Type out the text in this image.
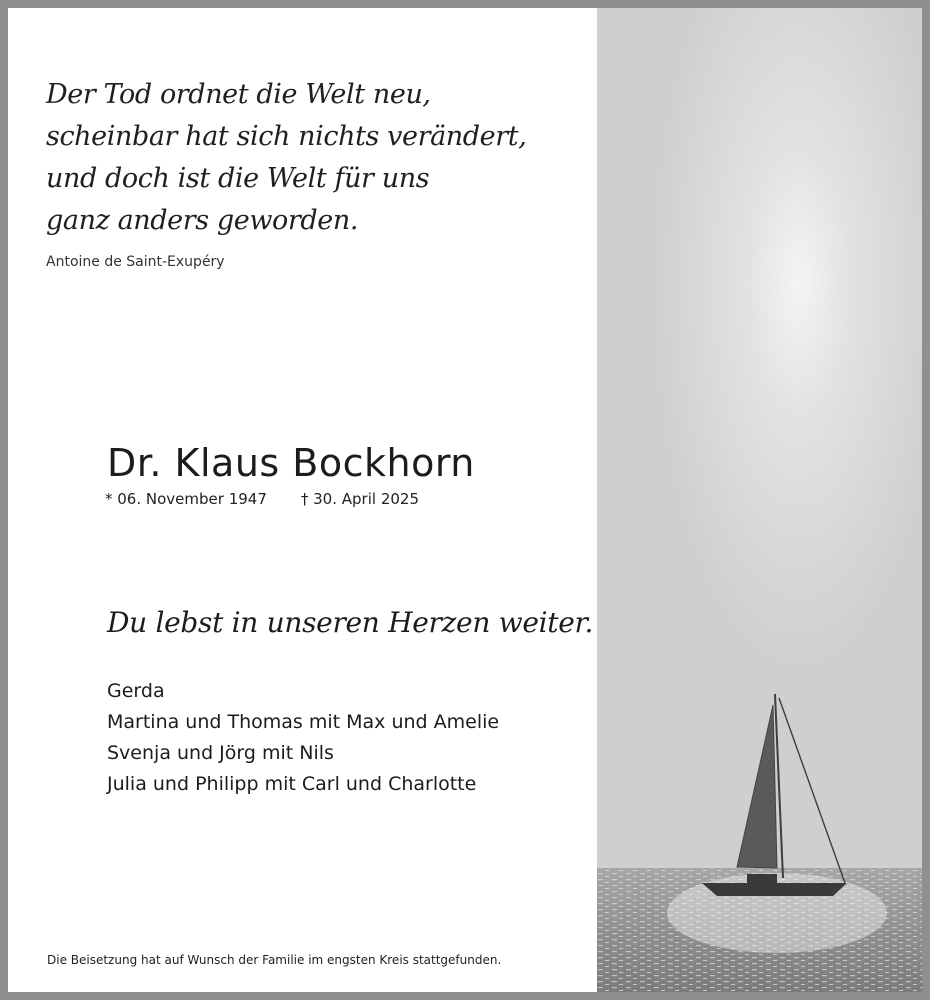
Der Tod ordnet die Welt neu,
scheinbar hat sich nichts verändert,
und doch ist die Welt für uns
ganz anders geworden.

Antoine de Saint-Exupéry
Dr. Klaus Bockhorn
* 06. November 1947 † 30. April 2025
Du lebst in unseren Herzen weiter.
Gerda
Martina und Thomas mit Max und Amelie
Svenja und Jörg mit Nils
Julia und Philipp mit Carl und Charlotte
Die Beisetzung hat auf Wunsch der Familie im engsten Kreis stattgefunden.
